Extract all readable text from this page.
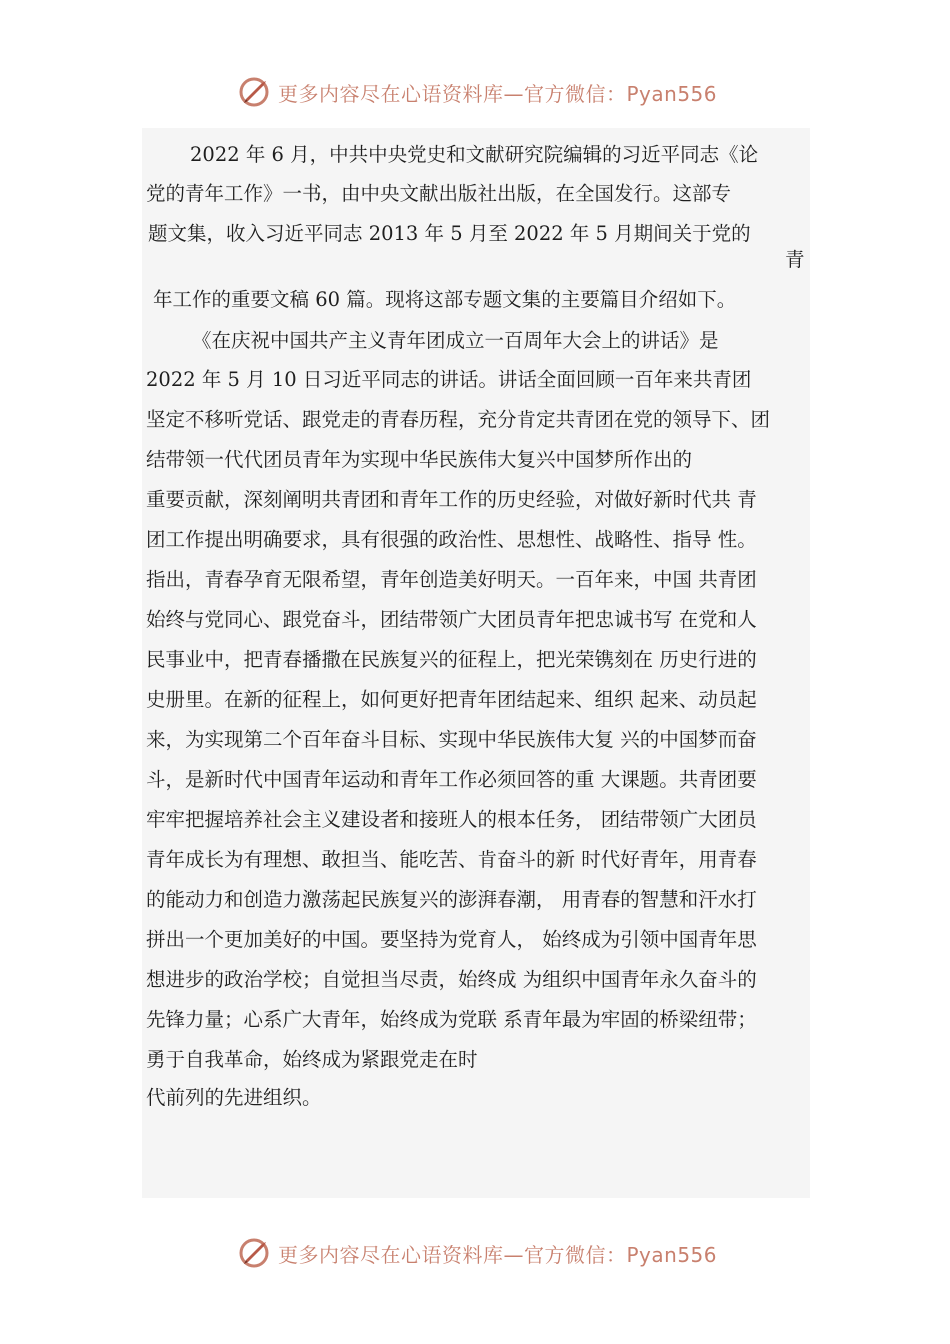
更多内容尽在心语资料库—官方微信：Pyan556
2022 年 6 月，中共中央党史和文献研究院编辑的习近平同志《论
党的青年工作》一书，由中央文献出版社出版，在全国发行。这部专
题文集，收入习近平同志 2013 年 5 月至 2022 年 5 月期间关于党的
青
年工作的重要文稿 60 篇。现将这部专题文集的主要篇目介绍如下。
《在庆祝中国共产主义青年团成立一百周年大会上的讲话》是
2022 年 5 月 10 日习近平同志的讲话。讲话全面回顾一百年来共青团
坚定不移听党话、跟党走的青春历程，充分肯定共青团在党的领导下、团
结带领一代代团员青年为实现中华民族伟大复兴中国梦所作出的
重要贡献，深刻阐明共青团和青年工作的历史经验，对做好新时代共 青
团工作提出明确要求，具有很强的政治性、思想性、战略性、指导 性。
指出，青春孕育无限希望，青年创造美好明天。一百年来，中国 共青团
始终与党同心、跟党奋斗，团结带领广大团员青年把忠诚书写 在党和人
民事业中，把青春播撒在民族复兴的征程上，把光荣镌刻在 历史行进的
史册里。在新的征程上，如何更好把青年团结起来、组织 起来、动员起
来，为实现第二个百年奋斗目标、实现中华民族伟大复 兴的中国梦而奋
斗，是新时代中国青年运动和青年工作必须回答的重 大课题。共青团要
牢牢把握培养社会主义建设者和接班人的根本任务， 团结带领广大团员
青年成长为有理想、敢担当、能吃苦、肯奋斗的新 时代好青年，用青春
的能动力和创造力激荡起民族复兴的澎湃春潮， 用青春的智慧和汗水打
拼出一个更加美好的中国。要坚持为党育人， 始终成为引领中国青年思
想进步的政治学校；自觉担当尽责，始终成 为组织中国青年永久奋斗的
先锋力量；心系广大青年，始终成为党联 系青年最为牢固的桥梁纽带；
勇于自我革命，始终成为紧跟党走在时
代前列的先进组织。
更多内容尽在心语资料库—官方微信：Pyan556
